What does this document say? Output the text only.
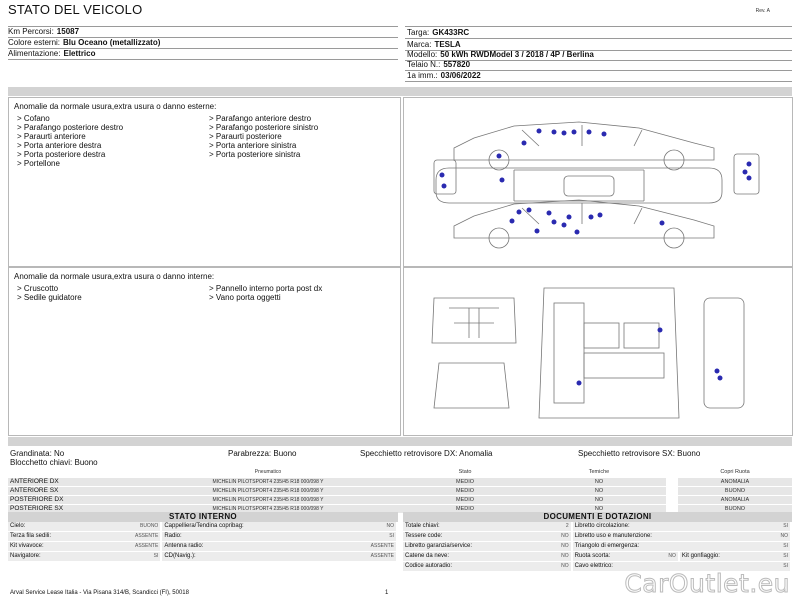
STATO DEL VEICOLO	Rev. A
Km Percorsi: 15087
Colore esterni: Blu Oceano (metallizzato)
Alimentazione: Elettrico
Targa: GK433RC
Marca: TESLA
Modello: 50 kWh RWDModel 3 / 2018 / 4P / Berlina
Telaio N.: 557820
1a imm.: 03/06/2022
Anomalie da normale usura,extra usura o danno esterne:
> Cofano
> Parafango posteriore destro
> Paraurti anteriore
> Porta anteriore destra
> Porta posteriore destra
> Portellone
> Parafango anteriore destro
> Parafango posteriore sinistro
> Paraurti posteriore
> Porta anteriore sinistra
> Porta posteriore sinistra
Anomalie da normale usura,extra usura o danno interne:
> Cruscotto
> Sedile guidatore
> Pannello interno porta post dx
> Vano porta oggetti
Grandinata: No	Parabrezza: Buono	Specchietto retrovisore DX: Anomalia	Specchietto retrovisore SX: Buono
Blocchetto chiavi: Buono
	Pneumatico	Stato	Temiche		Copri Ruota
ANTERIORE DX	MICHELIN PILOTSPORT4 235/45 R18 000/098 Y	MEDIO	NO		ANOMALIA
ANTERIORE SX	MICHELIN PILOTSPORT4 235/45 R18 000/098 Y	MEDIO	NO		BUONO
POSTERIORE DX	MICHELIN PILOTSPORT4 235/45 R18 000/098 Y	MEDIO	NO		ANOMALIA
POSTERIORE SX	MICHELIN PILOTSPORT4 235/45 R18 000/098 Y	MEDIO	NO		BUONO
STATO INTERNO
Cielo:	BUONO	Cappelliera/Tendina copribag:	NO
Terza fila sedili:	ASSENTE	Radio:	SI
Kit vivavoce:	ASSENTE	Antenna radio:	ASSENTE
Navigatore:	SI	CD(Navig.):	ASSENTE
DOCUMENTI E DOTAZIONI
Totale chiavi:	2	Libretto circolazione:			SI
Tessere code:	NO	Libretto uso e manutenzione:			NO
Libretto garanzia/service:	NO	Triangolo di emergenza:			SI
Catene da neve:	NO	Ruota scorta:	NO	Kit gonfiaggio:	SI
Codice autoradio:	NO	Cavo elettrico:			SI
Arval Service Lease Italia - Via Pisana 314/B, Scandicci (FI), 50018	1	CarOutlet.eu
